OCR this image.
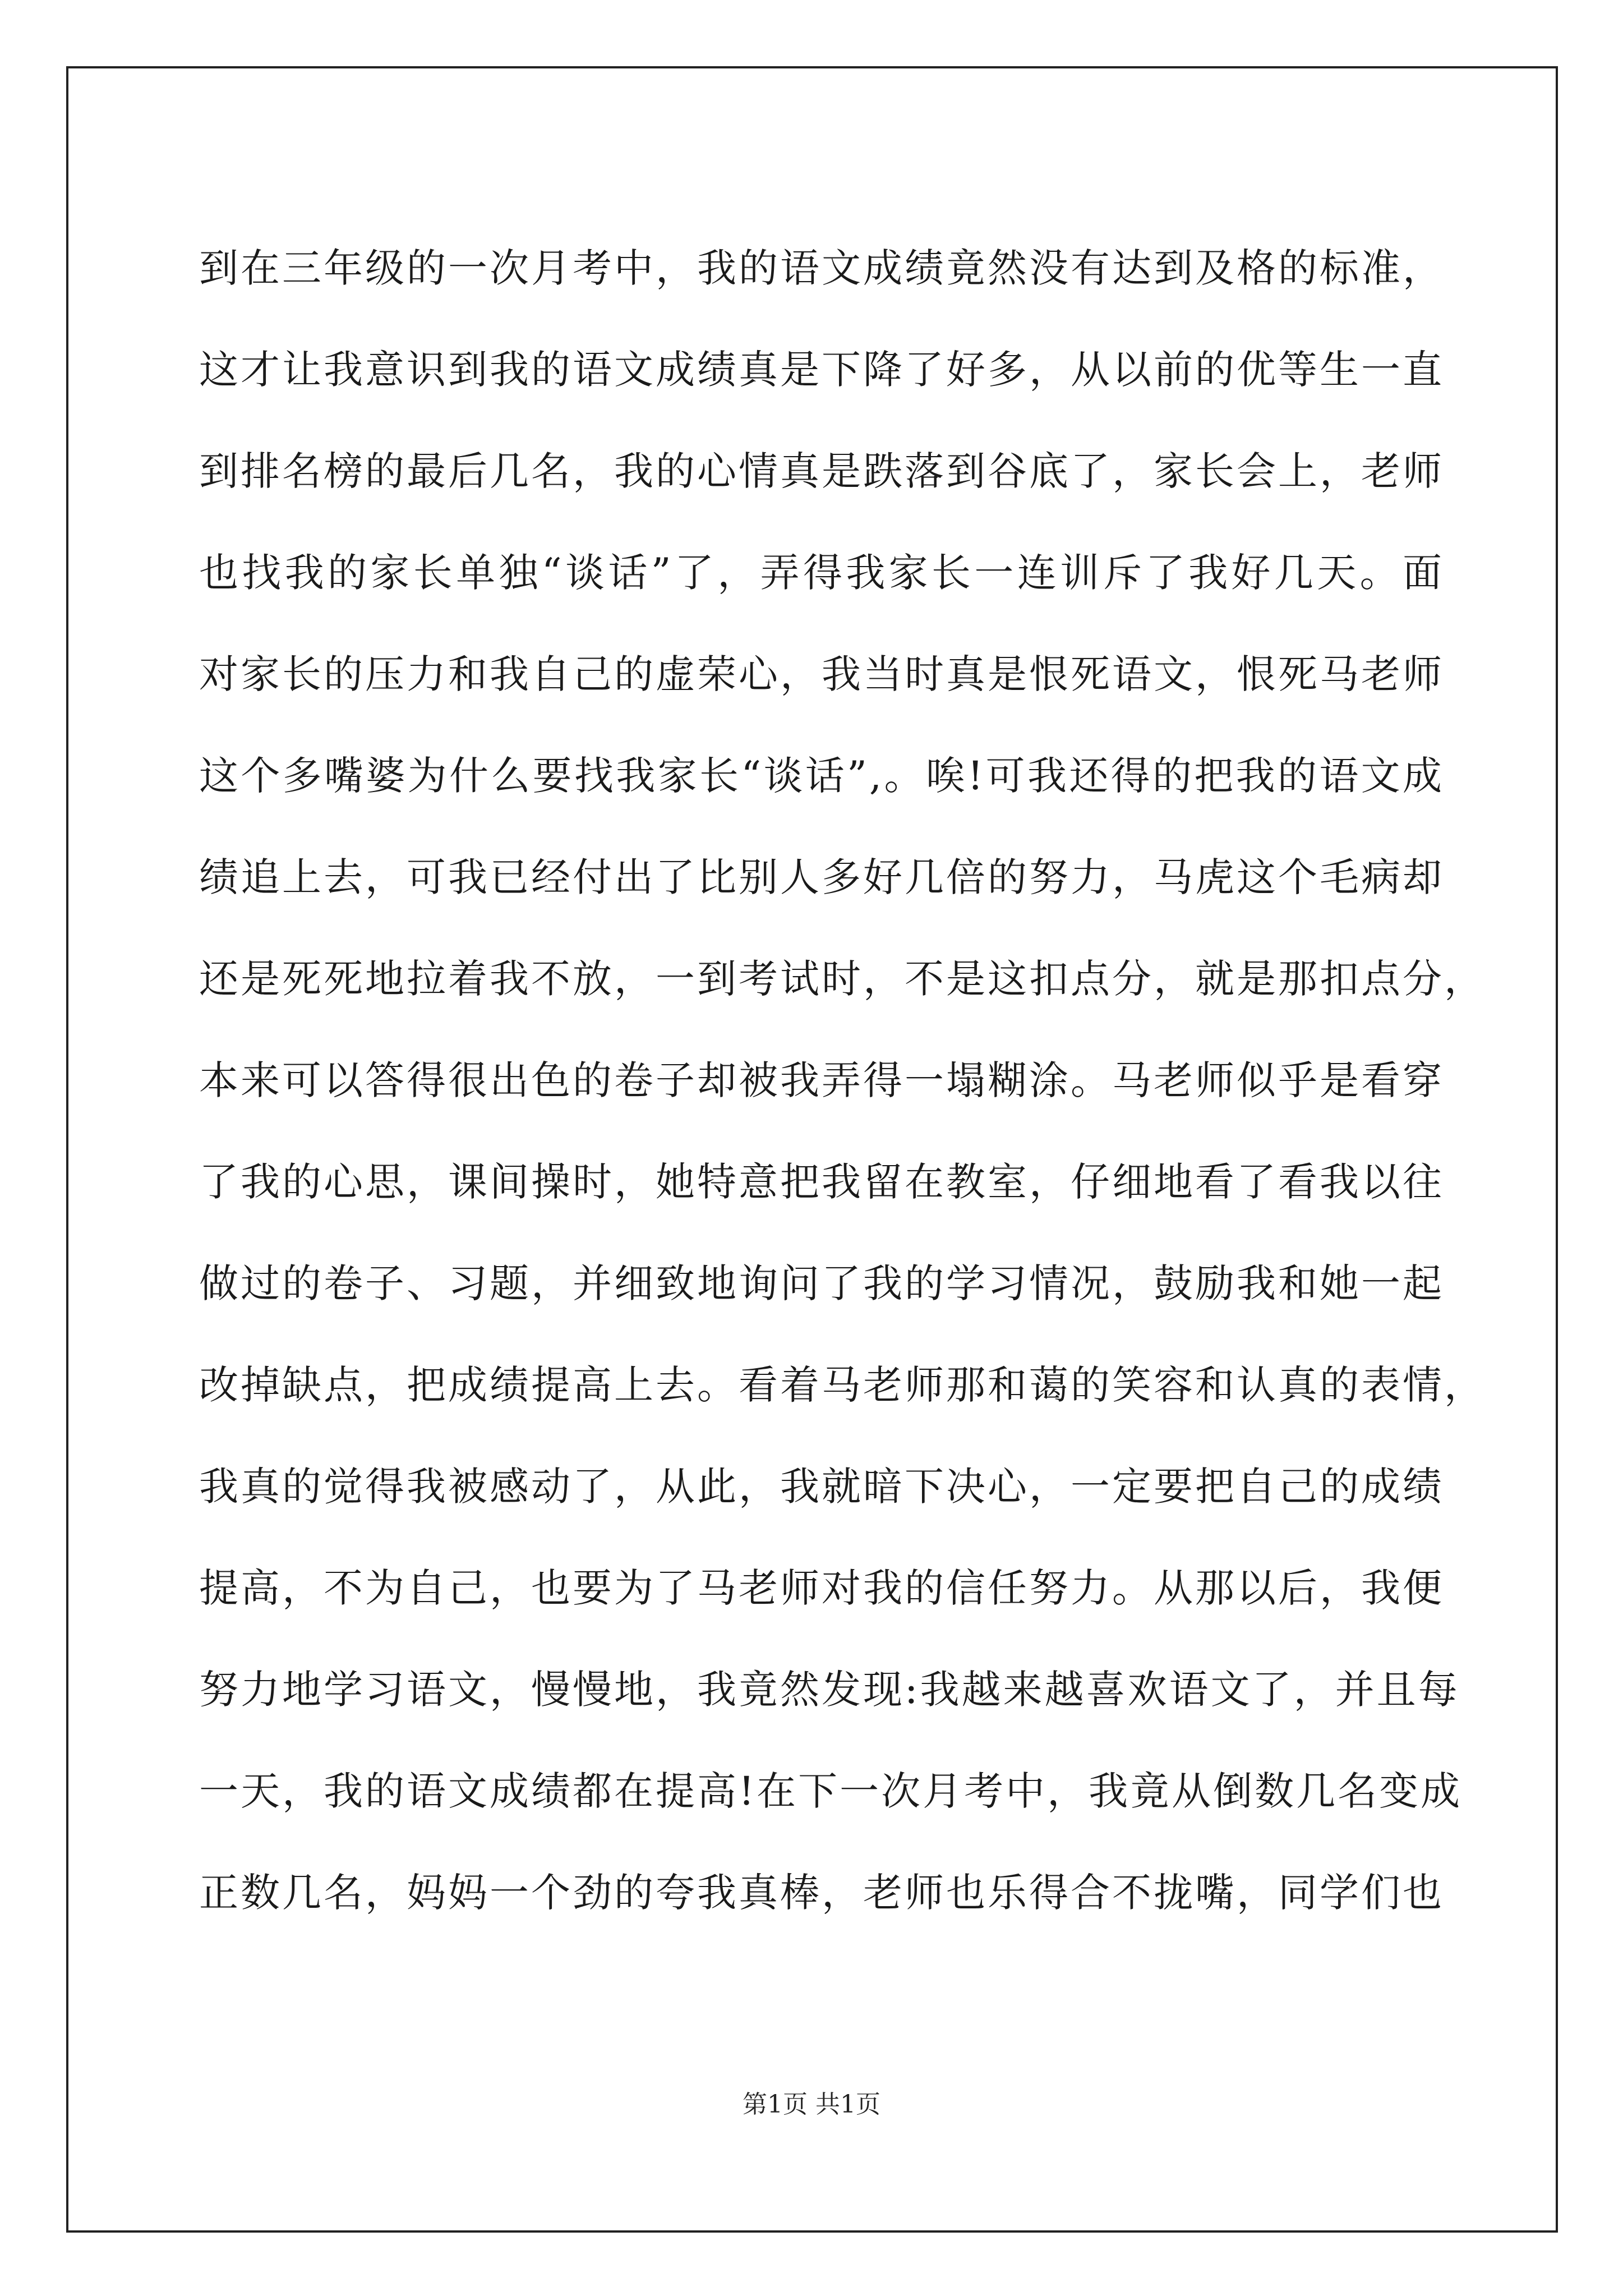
到在三年级的一次月考中，我的语文成绩竟然没有达到及格的标准，
这才让我意识到我的语文成绩真是下降了好多，从以前的优等生一直
到排名榜的最后几名，我的心情真是跌落到谷底了，家长会上，老师
也找我的家长单独“谈话”了，弄得我家长一连训斥了我好几天。面
对家长的压力和我自己的虚荣心，我当时真是恨死语文，恨死马老师
这个多嘴婆为什么要找我家长“谈话”,。唉!可我还得的把我的语文成
绩追上去，可我已经付出了比别人多好几倍的努力，马虎这个毛病却
还是死死地拉着我不放，一到考试时，不是这扣点分，就是那扣点分，
本来可以答得很出色的卷子却被我弄得一塌糊涂。马老师似乎是看穿
了我的心思，课间操时，她特意把我留在教室，仔细地看了看我以往
做过的卷子、习题，并细致地询问了我的学习情况，鼓励我和她一起
改掉缺点，把成绩提高上去。看着马老师那和蔼的笑容和认真的表情，
我真的觉得我被感动了，从此，我就暗下决心，一定要把自己的成绩
提高，不为自己，也要为了马老师对我的信任努力。从那以后，我便
努力地学习语文，慢慢地，我竟然发现:我越来越喜欢语文了，并且每
一天，我的语文成绩都在提高!在下一次月考中，我竟从倒数几名变成
正数几名，妈妈一个劲的夸我真棒，老师也乐得合不拢嘴，同学们也
第1页 共1页
